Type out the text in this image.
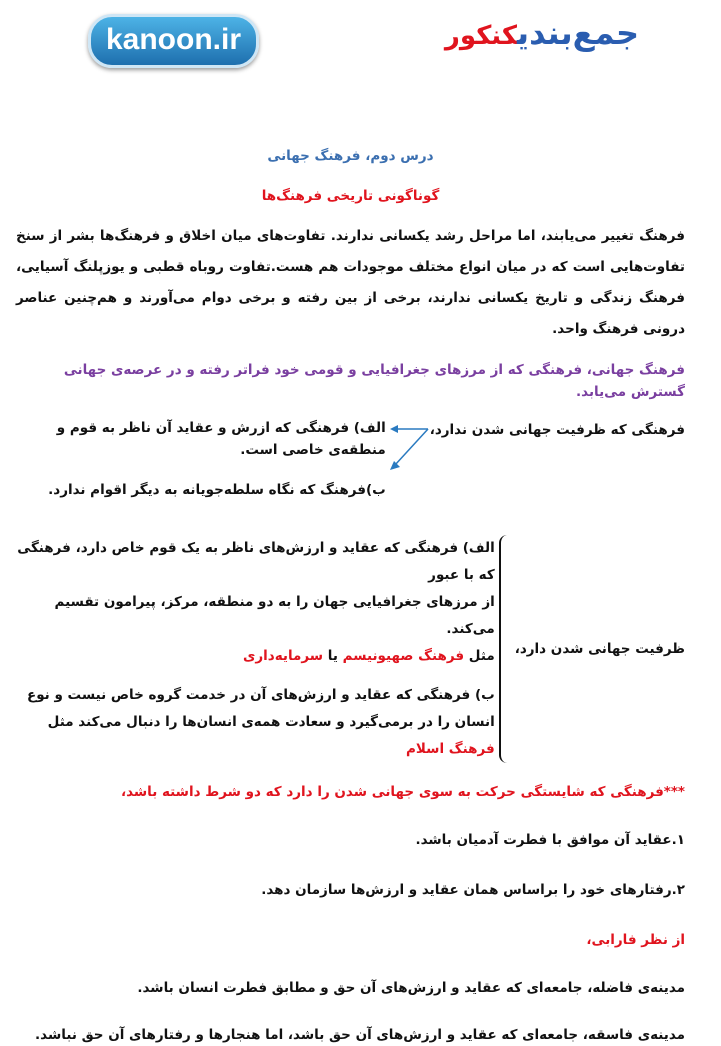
kanoon.ir	جمع‌بندیکنکور

درس دوم، فرهنگ جهانی

گوناگونی تاریخی فرهنگ‌ها

فرهنگ تغییر می‌یابند، اما مراحل رشد یکسانی ندارند. تفاوت‌های میان اخلاق و فرهنگ‌ها بشر از سنخ تفاوت‌هایی است که در میان انواع مختلف موجودات هم هست.تفاوت روباه قطبی و یوزپلنگ آسیایی، فرهنگ زندگی و تاریخ یکسانی ندارند، برخی از بین رفته و برخی دوام می‌آورند و هم‌چنین عناصر درونی فرهنگ واحد.

فرهنگ جهانی، فرهنگی که از مرزهای جغرافیایی و قومی خود فراتر رفته و در عرصه‌ی جهانی گسترش می‌یابد.

فرهنگی که ظرفیت جهانی شدن ندارد،
الف) فرهنگی که ازرش و عقاید آن ناظر به قوم و منطقه‌ی خاصی است.
ب)فرهنگ که نگاه سلطه‌جویانه به دیگر اقوام ندارد.
ظرفیت جهانی شدن دارد،
الف) فرهنگی که عقاید و ارزش‌های ناظر به یک قوم خاص دارد، فرهنگی که با عبور
از مرزهای جغرافیایی جهان را به دو منطقه، مرکز، پیرامون تقسیم می‌کند.
مثل فرهنگ صهیونیسم یا سرمایه‌داری
ب) فرهنگی که عقاید و ارزش‌های آن در خدمت گروه خاص نیست و نوع
انسان را در برمی‌گیرد و سعادت همه‌ی انسان‌ها را دنبال می‌کند مثل فرهنگ اسلام

***فرهنگی که شایستگی حرکت به سوی جهانی شدن را دارد که دو شرط داشته باشد،

۱.عقاید آن موافق با فطرت آدمیان باشد.

۲.رفتارهای خود را براساس همان عقاید و ارزش‌ها سازمان دهد.

از نظر فارابی،

مدینه‌ی فاضله، جامعه‌ای که عقاید و ارزش‌های آن حق و مطابق فطرت انسان باشد.

مدینه‌ی فاسقه، جامعه‌ای که عقاید و ارزش‌های آن حق باشد، اما هنجارها و رفتارهای آن حق نباشد.
